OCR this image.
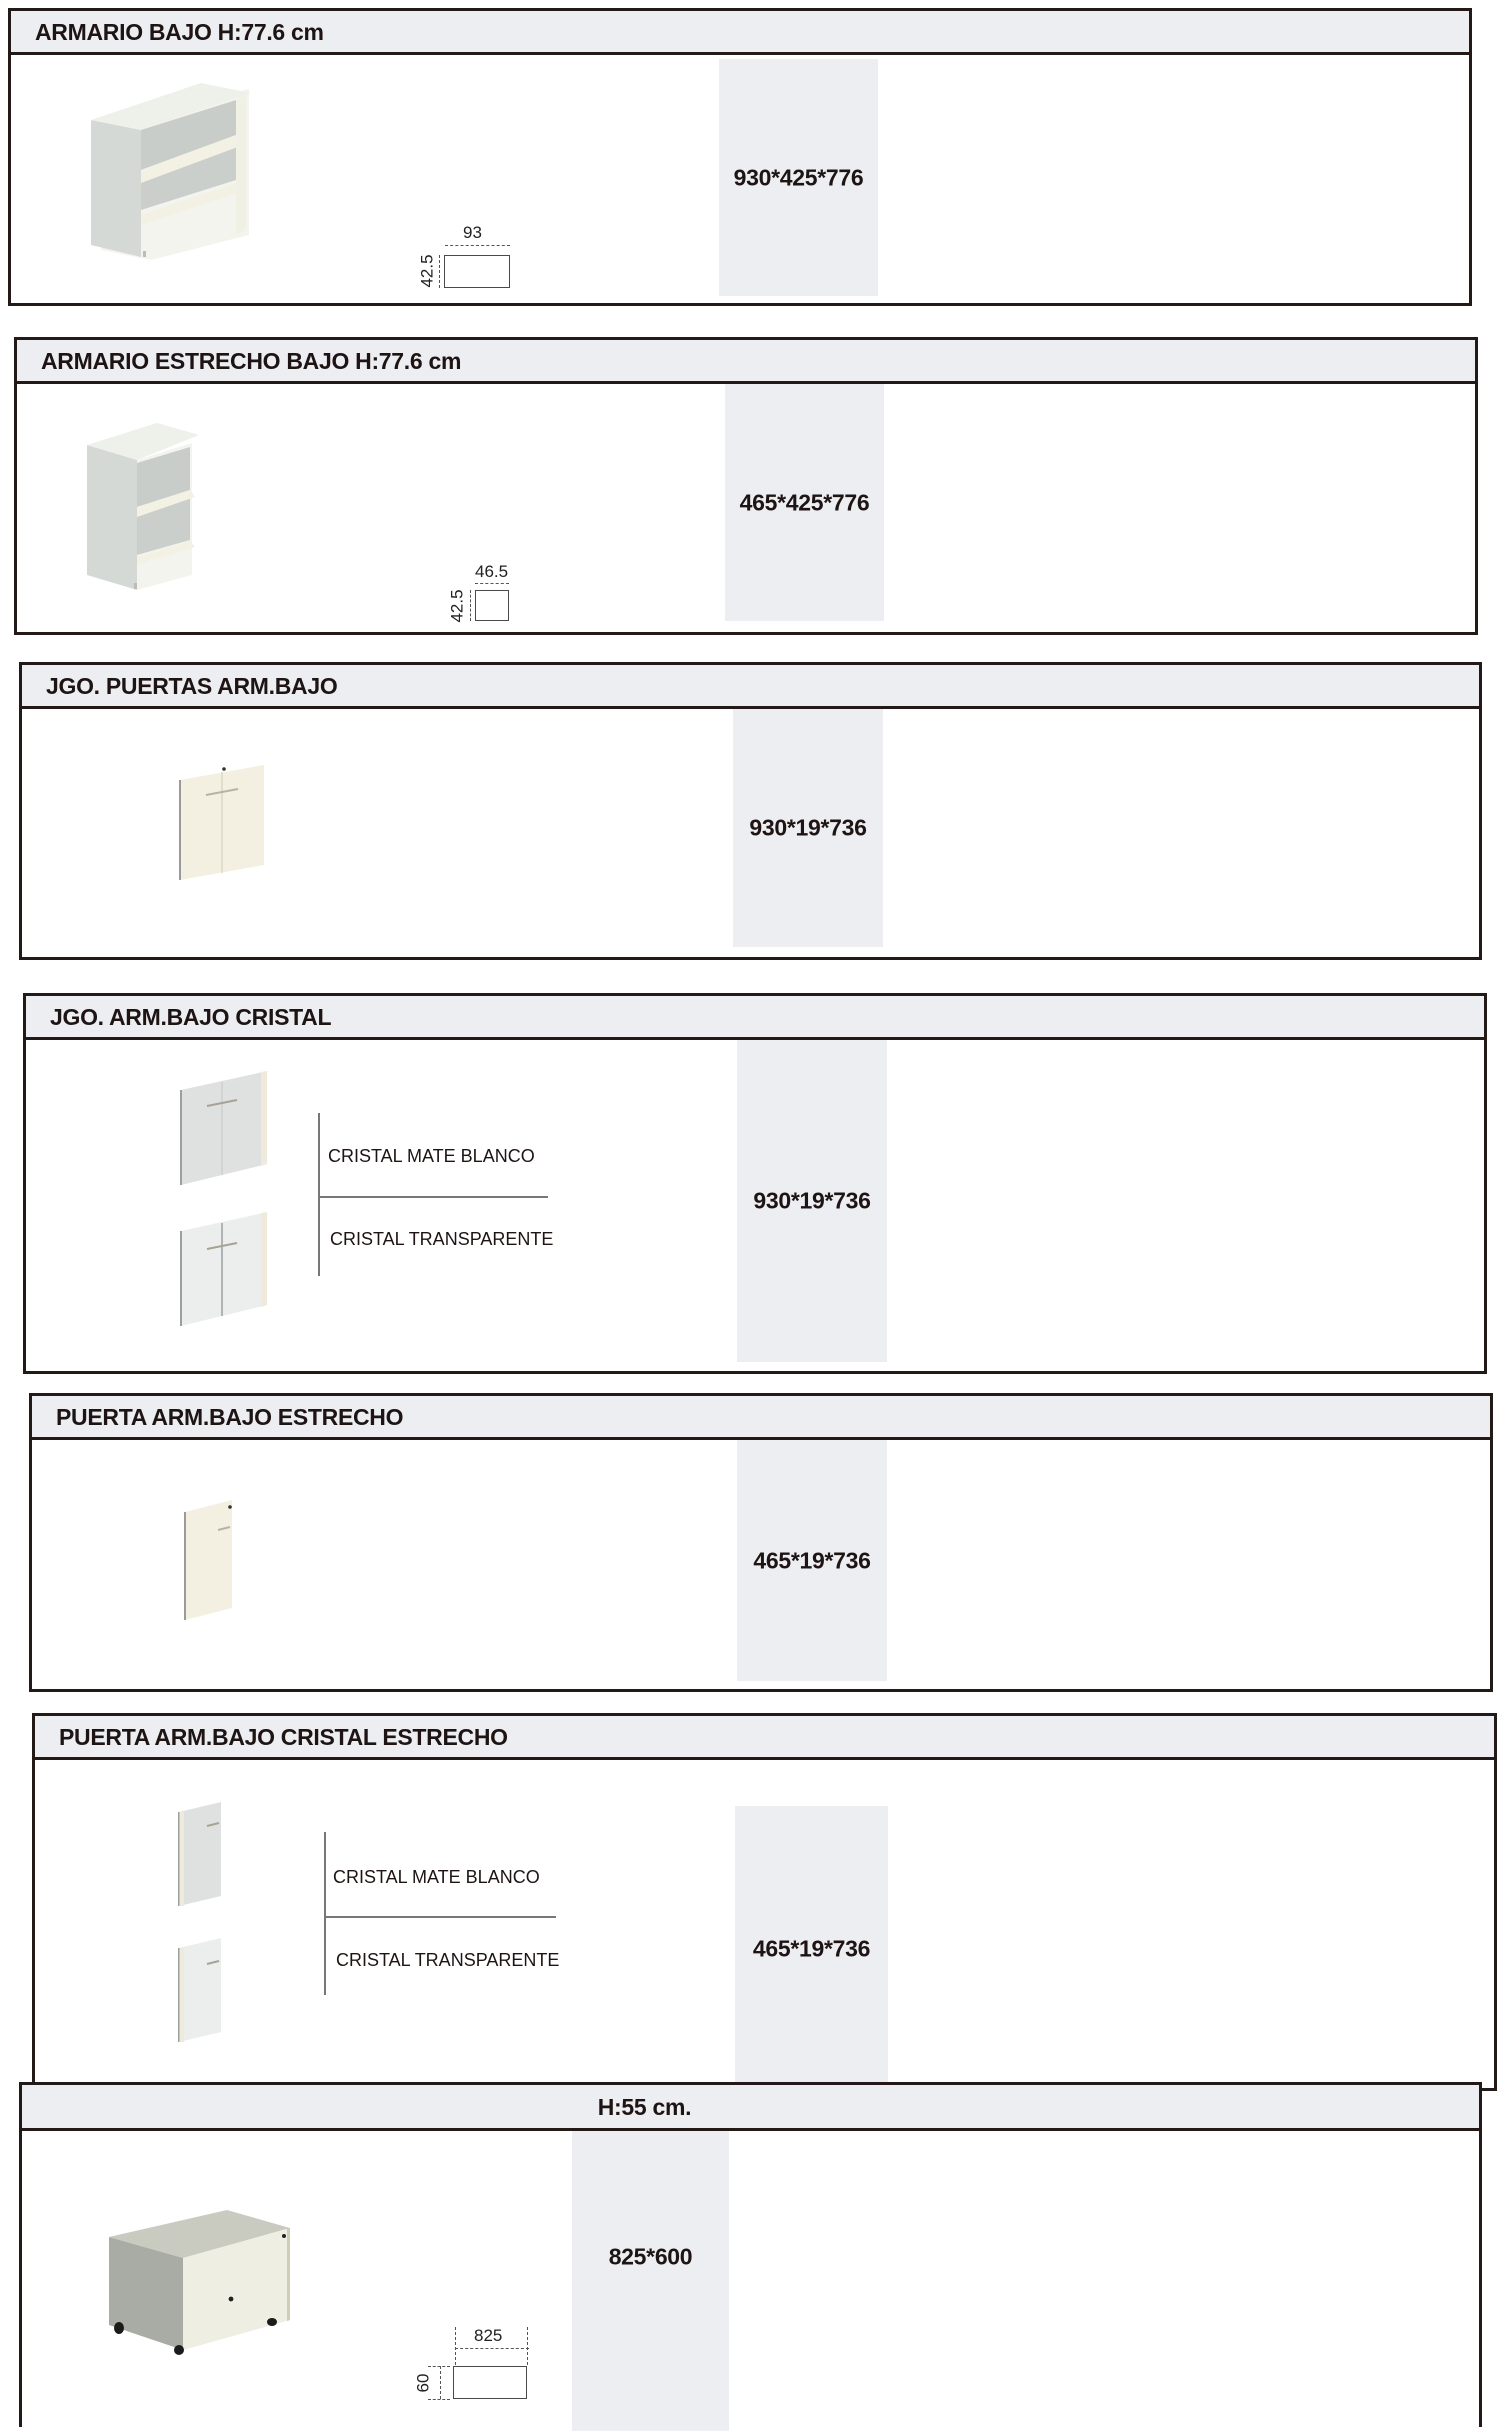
ARMARIO BAJO H:77.6 cm
930*425*776
93
42.5
ARMARIO ESTRECHO BAJO H:77.6 cm
465*425*776
46.5
42.5
JGO. PUERTAS ARM.BAJO
930*19*736
JGO. ARM.BAJO CRISTAL
930*19*736
CRISTAL MATE BLANCO
CRISTAL TRANSPARENTE
PUERTA ARM.BAJO ESTRECHO
465*19*736
PUERTA ARM.BAJO CRISTAL ESTRECHO
465*19*736
CRISTAL MATE BLANCO
CRISTAL TRANSPARENTE
H:55 cm.
825*600
825
60
